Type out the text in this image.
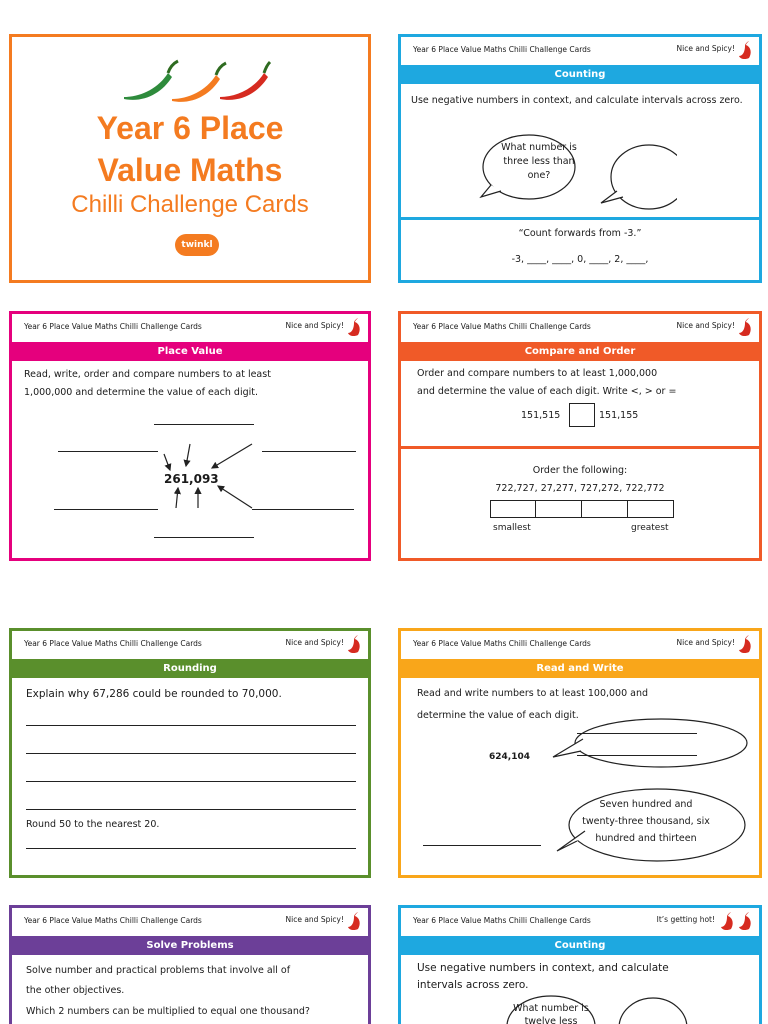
Year 6 Place
Value Maths
Chilli Challenge Cards
twinkl
Year 6 Place Value Maths Chilli Challenge Cards	Nice and Spicy!
Counting
Use negative numbers in context, and calculate intervals across zero.
What number is three less than one?
“Count forwards from -3.”
-3, ____, ____, 0, ____, 2, ____,
Year 6 Place Value Maths Chilli Challenge Cards	Nice and Spicy!
Place Value
Read, write, order and compare numbers to at least
1,000,000 and determine the value of each digit.
261,093
Year 6 Place Value Maths Chilli Challenge Cards	Nice and Spicy!
Compare and Order
Order and compare numbers to at least 1,000,000
and determine the value of each digit. Write <, > or =
151,515	151,155
Order the following:
722,727, 27,277, 727,272, 722,772
smallest	greatest
Year 6 Place Value Maths Chilli Challenge Cards	Nice and Spicy!
Rounding
Explain why 67,286 could be rounded to 70,000.
Round 50 to the nearest 20.
Year 6 Place Value Maths Chilli Challenge Cards	Nice and Spicy!
Read and Write
Read and write numbers to at least 100,000 and
determine the value of each digit.
624,104
Seven hundred and
twenty-three thousand, six
hundred and thirteen
Year 6 Place Value Maths Chilli Challenge Cards	Nice and Spicy!
Solve Problems
Solve number and practical problems that involve all of
the other objectives.
Which 2 numbers can be multiplied to equal one thousand?
Year 6 Place Value Maths Chilli Challenge Cards	It’s getting hot!
Counting
Use negative numbers in context, and calculate
intervals across zero.
What number is twelve less
